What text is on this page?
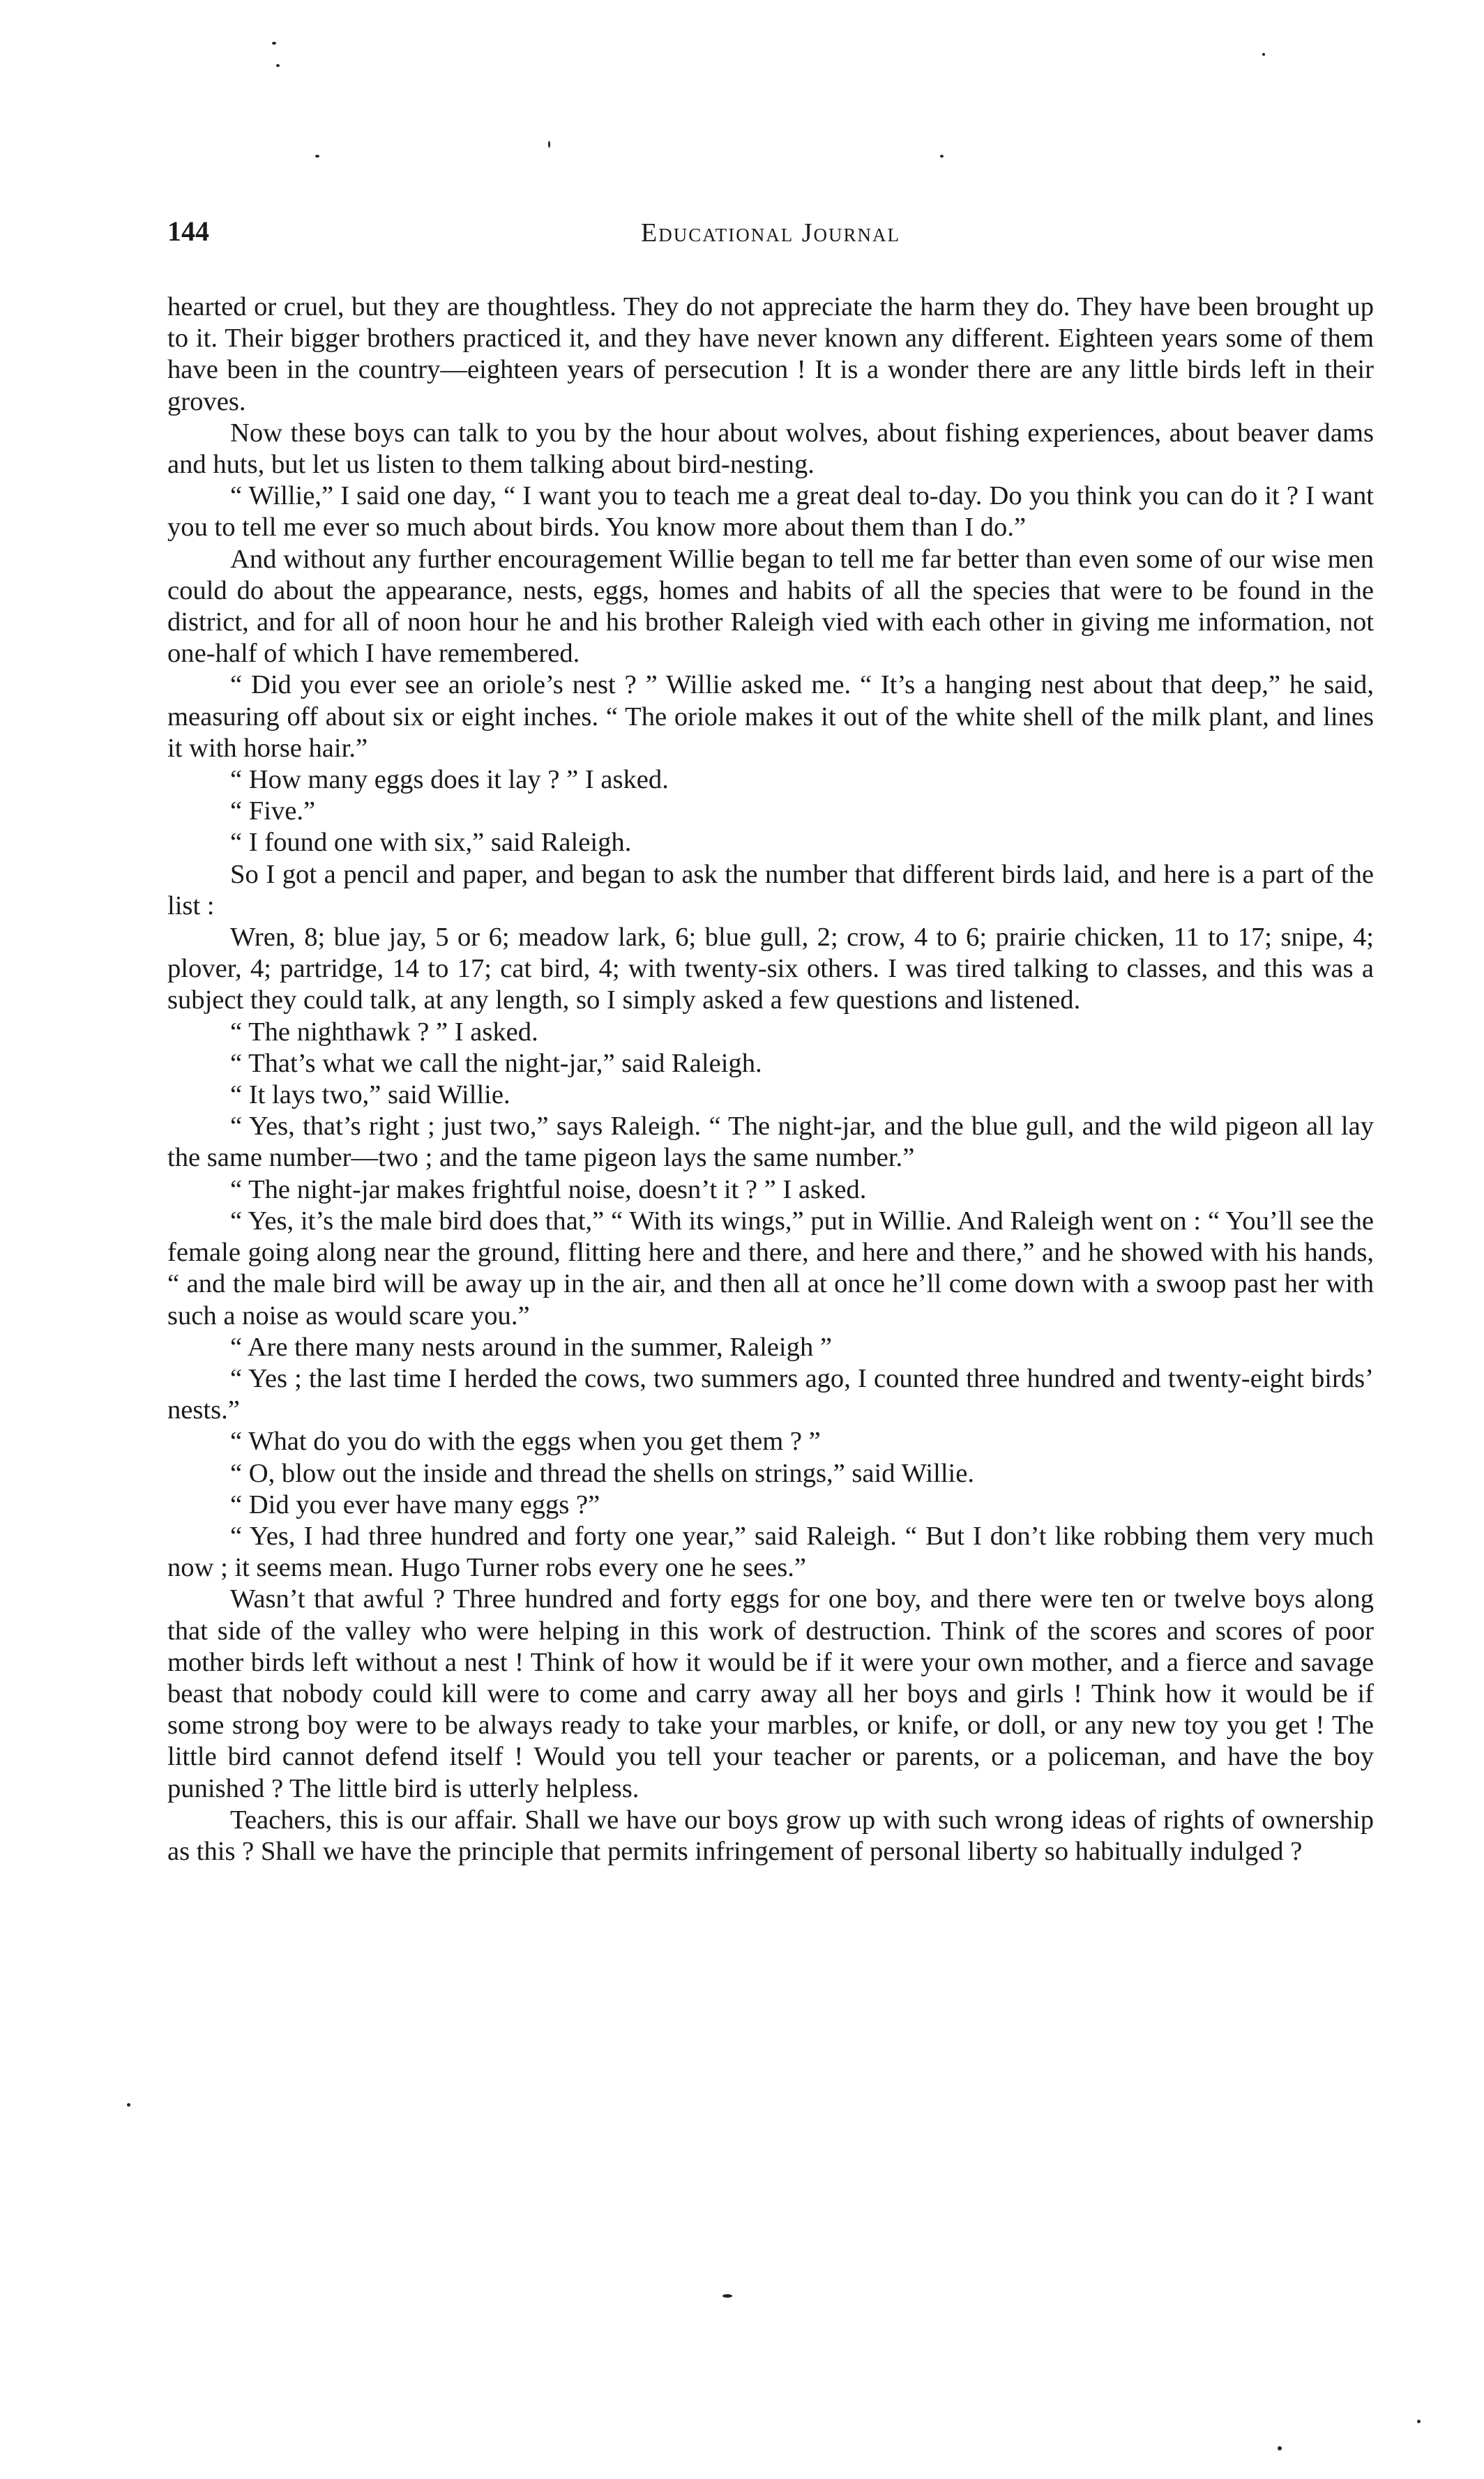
144	Educational Journal

hearted or cruel, but they are thoughtless. They do not appreciate the harm they do. They have been brought up to it. Their bigger brothers practiced it, and they have never known any different. Eighteen years some of them have been in the country—eighteen years of persecution ! It is a wonder there are any little birds left in their groves.

Now these boys can talk to you by the hour about wolves, about fishing experiences, about beaver dams and huts, but let us listen to them talking about bird-nesting.

“ Willie,” I said one day, “ I want you to teach me a great deal to-day. Do you think you can do it ? I want you to tell me ever so much about birds. You know more about them than I do.”

And without any further encouragement Willie began to tell me far better than even some of our wise men could do about the appearance, nests, eggs, homes and habits of all the species that were to be found in the district, and for all of noon hour he and his brother Raleigh vied with each other in giving me information, not one-half of which I have remembered.

“ Did you ever see an oriole’s nest ? ” Willie asked me. “ It’s a hanging nest about that deep,” he said, measuring off about six or eight inches. “ The oriole makes it out of the white shell of the milk plant, and lines it with horse hair.”

“ How many eggs does it lay ? ” I asked.

“ Five.”

“ I found one with six,” said Raleigh.

So I got a pencil and paper, and began to ask the number that different birds laid, and here is a part of the list :

Wren, 8; blue jay, 5 or 6; meadow lark, 6; blue gull, 2; crow, 4 to 6; prairie chicken, 11 to 17; snipe, 4; plover, 4; partridge, 14 to 17; cat bird, 4; with twenty-six others. I was tired talking to classes, and this was a subject they could talk, at any length, so I simply asked a few questions and listened.

“ The nighthawk ? ” I asked.

“ That’s what we call the night-jar,” said Raleigh.

“ It lays two,” said Willie.

“ Yes, that’s right ; just two,” says Raleigh. “ The night-jar, and the blue gull, and the wild pigeon all lay the same number—two ; and the tame pigeon lays the same number.”

“ The night-jar makes frightful noise, doesn’t it ? ” I asked.

“ Yes, it’s the male bird does that,” “ With its wings,” put in Willie. And Raleigh went on : “ You’ll see the female going along near the ground, flitting here and there, and here and there,” and he showed with his hands, “ and the male bird will be away up in the air, and then all at once he’ll come down with a swoop past her with such a noise as would scare you.”

“ Are there many nests around in the summer, Raleigh ”

“ Yes ; the last time I herded the cows, two summers ago, I counted three hundred and twenty-eight birds’ nests.”

“ What do you do with the eggs when you get them ? ”

“ O, blow out the inside and thread the shells on strings,” said Willie.

“ Did you ever have many eggs ?”

“ Yes, I had three hundred and forty one year,” said Raleigh. “ But I don’t like robbing them very much now ; it seems mean. Hugo Turner robs every one he sees.”

Wasn’t that awful ? Three hundred and forty eggs for one boy, and there were ten or twelve boys along that side of the valley who were helping in this work of destruction. Think of the scores and scores of poor mother birds left without a nest ! Think of how it would be if it were your own mother, and a fierce and savage beast that nobody could kill were to come and carry away all her boys and girls ! Think how it would be if some strong boy were to be always ready to take your marbles, or knife, or doll, or any new toy you get ! The little bird cannot defend itself ! Would you tell your teacher or parents, or a policeman, and have the boy punished ? The little bird is utterly helpless.

Teachers, this is our affair. Shall we have our boys grow up with such wrong ideas of rights of ownership as this ? Shall we have the principle that permits infringement of personal liberty so habitually indulged ?
